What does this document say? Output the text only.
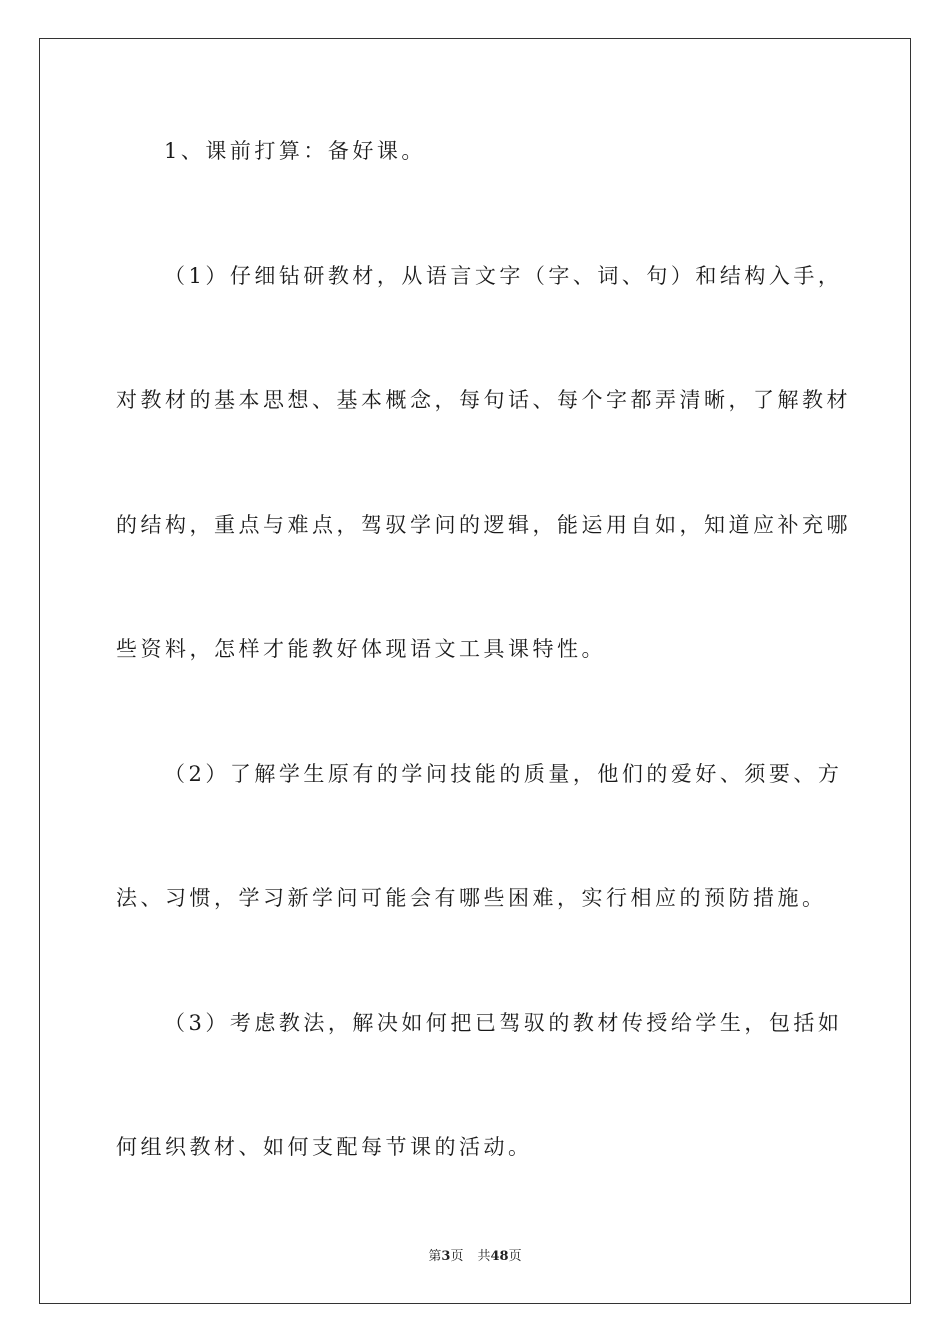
1、课前打算：备好课。
（1）仔细钻研教材，从语言文字（字、词、句）和结构入手，
对教材的基本思想、基本概念，每句话、每个字都弄清晰，了解教材
的结构，重点与难点，驾驭学问的逻辑，能运用自如，知道应补充哪
些资料，怎样才能教好体现语文工具课特性。
（2）了解学生原有的学问技能的质量，他们的爱好、须要、方
法、习惯，学习新学问可能会有哪些困难，实行相应的预防措施。
（3）考虑教法，解决如何把已驾驭的教材传授给学生，包括如
何组织教材、如何支配每节课的活动。
第3页 共48页
